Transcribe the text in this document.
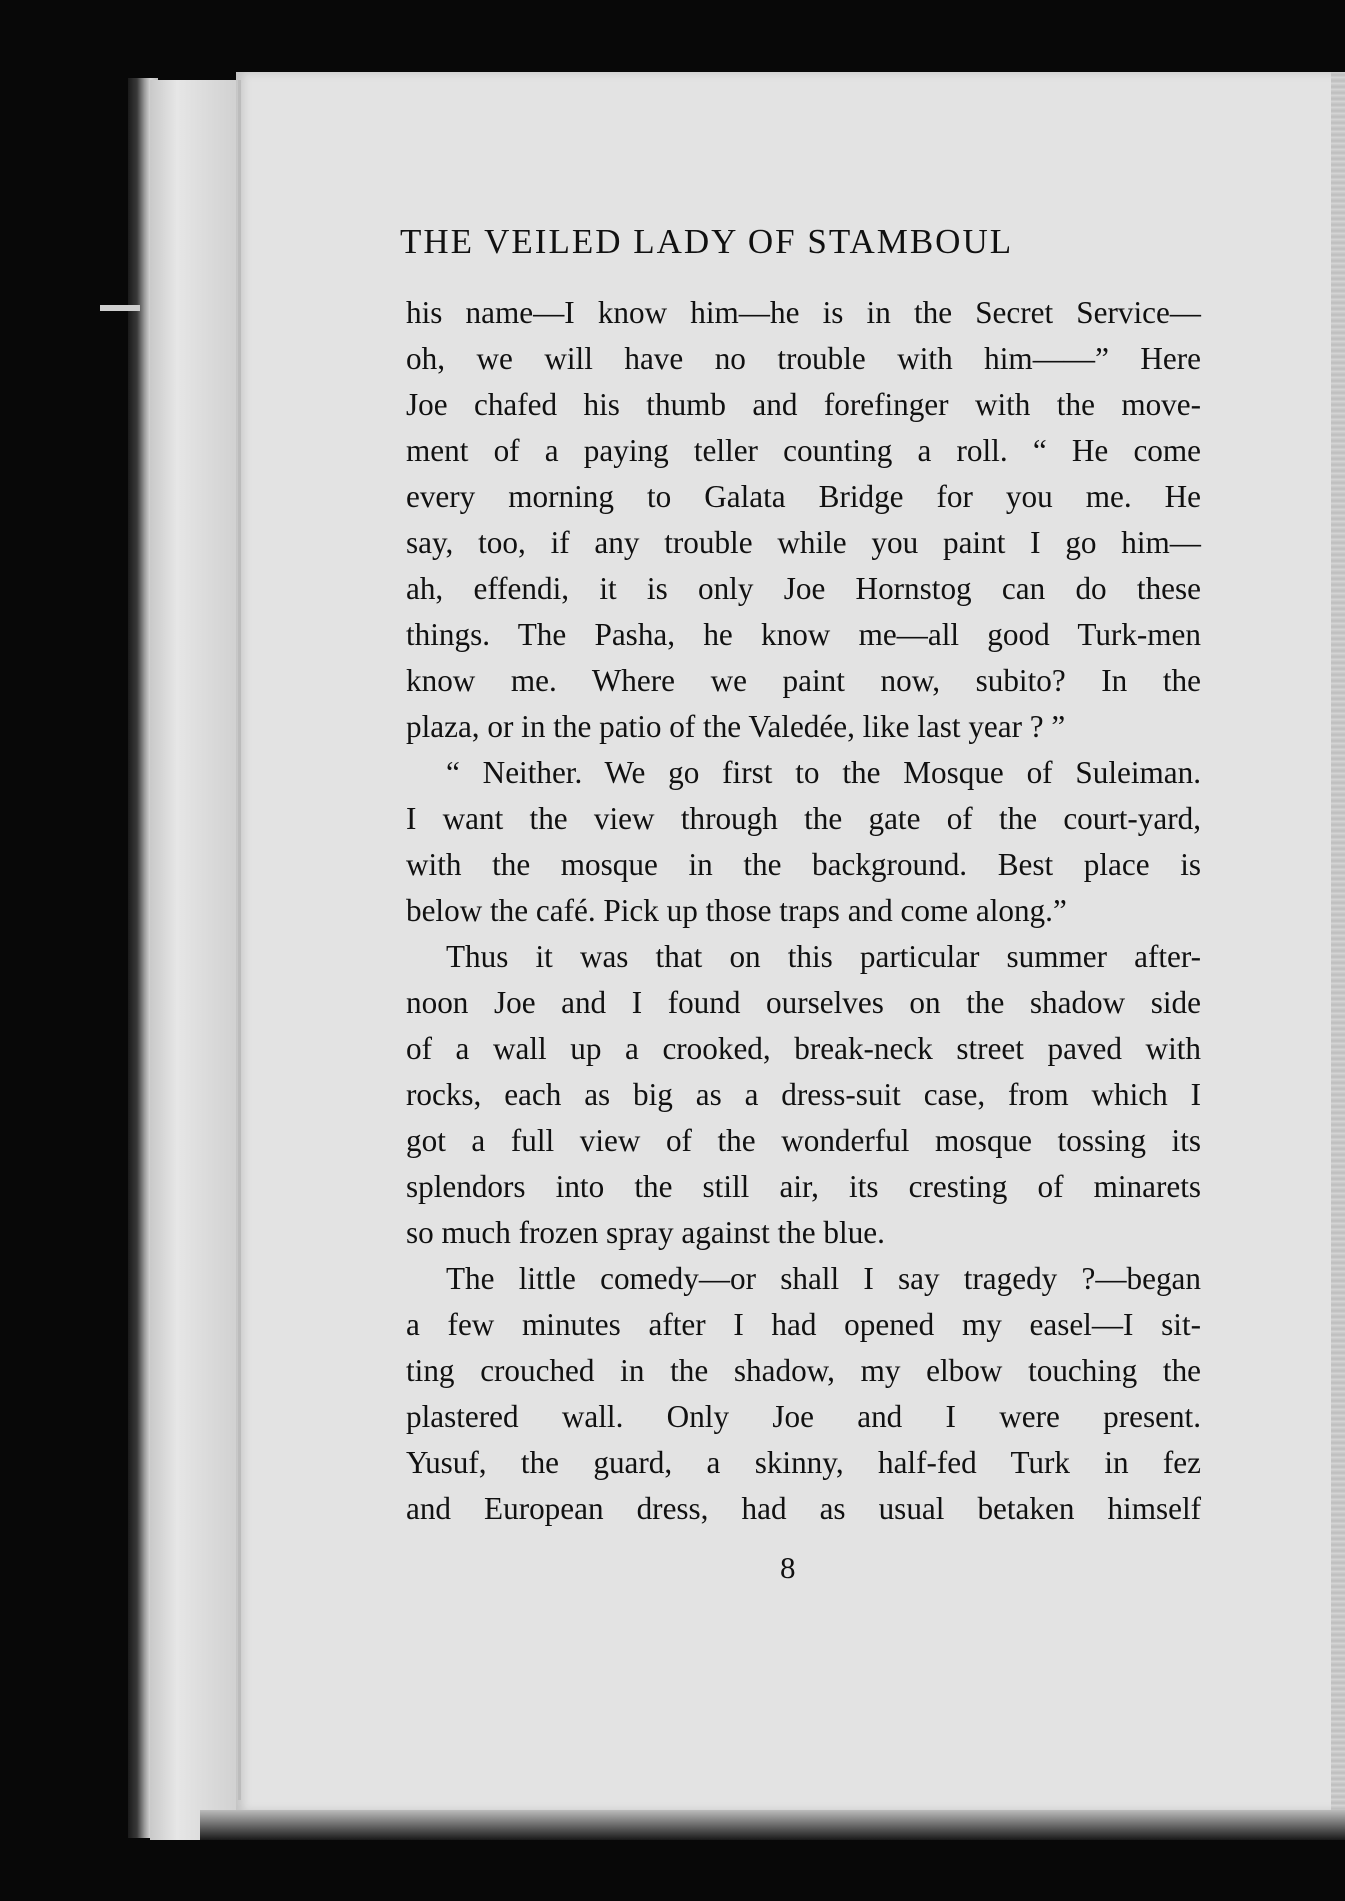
THE VEILED LADY OF STAMBOUL
his name—I know him—he is in the Secret Service—
oh, we will have no trouble with him——” Here
Joe chafed his thumb and forefinger with the move-
ment of a paying teller counting a roll. “ He come
every morning to Galata Bridge for you me. He
say, too, if any trouble while you paint I go him—
ah, effendi, it is only Joe Hornstog can do these
things. The Pasha, he know me—all good Turk-men
know me. Where we paint now, subito? In the
plaza, or in the patio of the Valedée, like last year ? ”
“ Neither. We go first to the Mosque of Suleiman.
I want the view through the gate of the court-yard,
with the mosque in the background. Best place is
below the café. Pick up those traps and come along.”
Thus it was that on this particular summer after-
noon Joe and I found ourselves on the shadow side
of a wall up a crooked, break-neck street paved with
rocks, each as big as a dress-suit case, from which I
got a full view of the wonderful mosque tossing its
splendors into the still air, its cresting of minarets
so much frozen spray against the blue.
The little comedy—or shall I say tragedy ?—began
a few minutes after I had opened my easel—I sit-
ting crouched in the shadow, my elbow touching the
plastered wall. Only Joe and I were present.
Yusuf, the guard, a skinny, half-fed Turk in fez
and European dress, had as usual betaken himself
8
